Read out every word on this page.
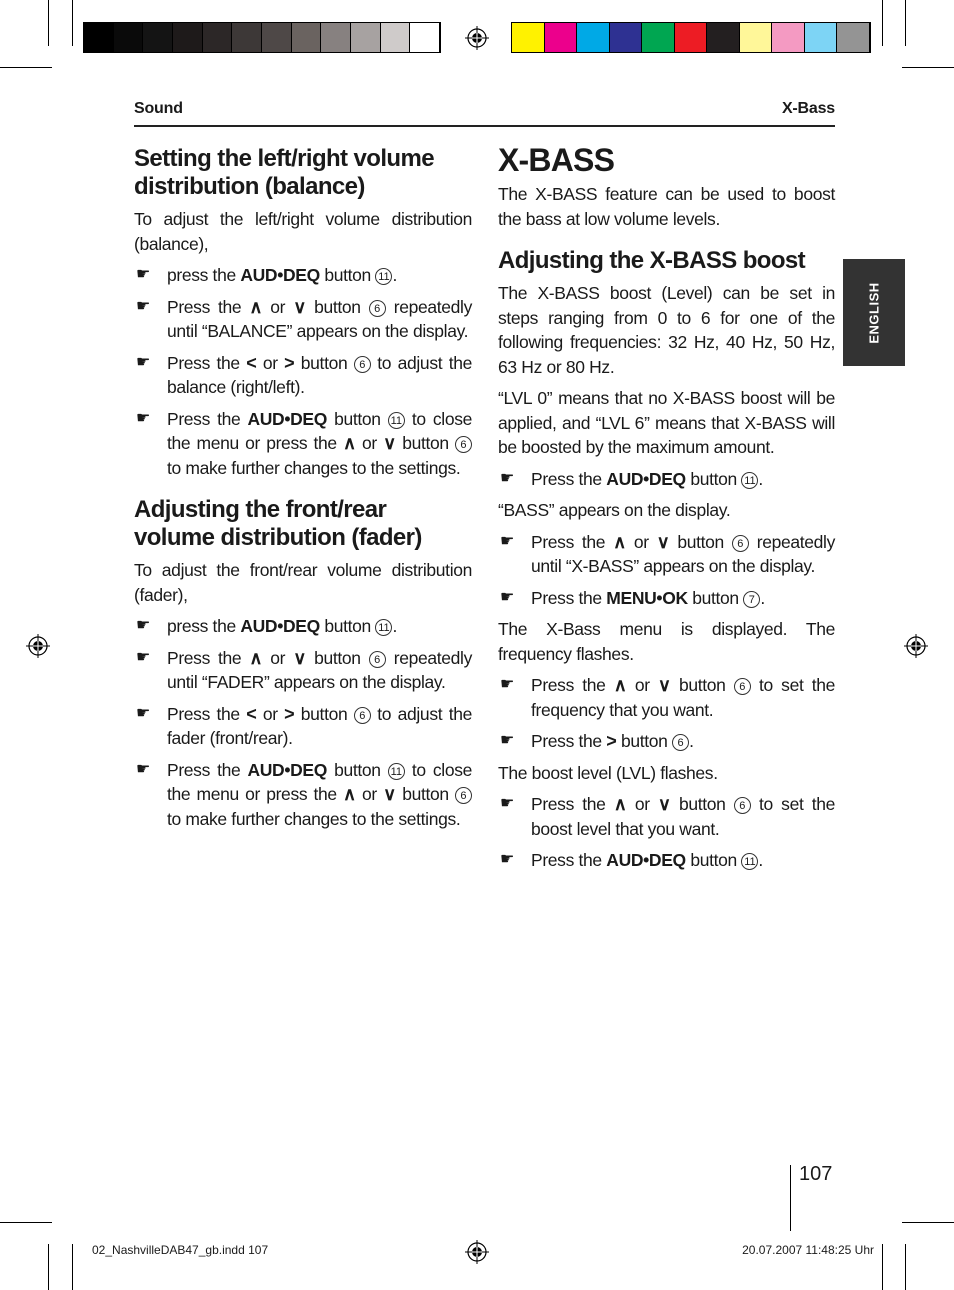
Sound	X-Bass
ENGLISH
Setting the left/right volume distribution (balance)

To adjust the left/right volume distribution (balance),

☛ press the AUD•DEQ button 11 .
☛ Press the ∧ or ∨ button 6 repeatedly until “BALANCE” appears on the display.
☛ Press the < or > button 6 to adjust the balance (right/left).
☛ Press the AUD•DEQ button 11 to close the menu or press the ∧ or ∨ button 6 to make further changes to the settings.
Adjusting the front/rear volume distribution (fader)

To adjust the front/rear volume distribution (fader),

☛ press the AUD•DEQ button 11 .
☛ Press the ∧ or ∨ button 6 repeatedly until “FADER” appears on the display.
☛ Press the < or > button 6 to adjust the fader (front/rear).
☛ Press the AUD•DEQ button 11 to close the menu or press the ∧ or ∨ button 6 to make further changes to the settings.
X-BASS

The X-BASS feature can be used to boost the bass at low volume levels.

Adjusting the X-BASS boost

The X-BASS boost (Level) can be set in steps ranging from 0 to 6 for one of the following frequencies: 32 Hz, 40 Hz, 50 Hz, 63 Hz or 80 Hz.

“LVL 0” means that no X-BASS boost will be applied, and “LVL 6” means that X-BASS will be boosted by the maximum amount.

☛ Press the AUD•DEQ button 11 .

“BASS” appears on the display.

☛ Press the ∧ or ∨ button 6 repeatedly until “X-BASS” appears on the display.
☛ Press the MENU•OK button 7 .

The X-Bass menu is displayed. The frequency flashes.

☛ Press the ∧ or ∨ button 6 to set the frequency that you want.
☛ Press the > button 6 .

The boost level (LVL) flashes.

☛ Press the ∧ or ∨ button 6 to set the boost level that you want.
☛ Press the AUD•DEQ button 11 .
107
02_NashvilleDAB47_gb.indd 107	20.07.2007 11:48:25 Uhr
